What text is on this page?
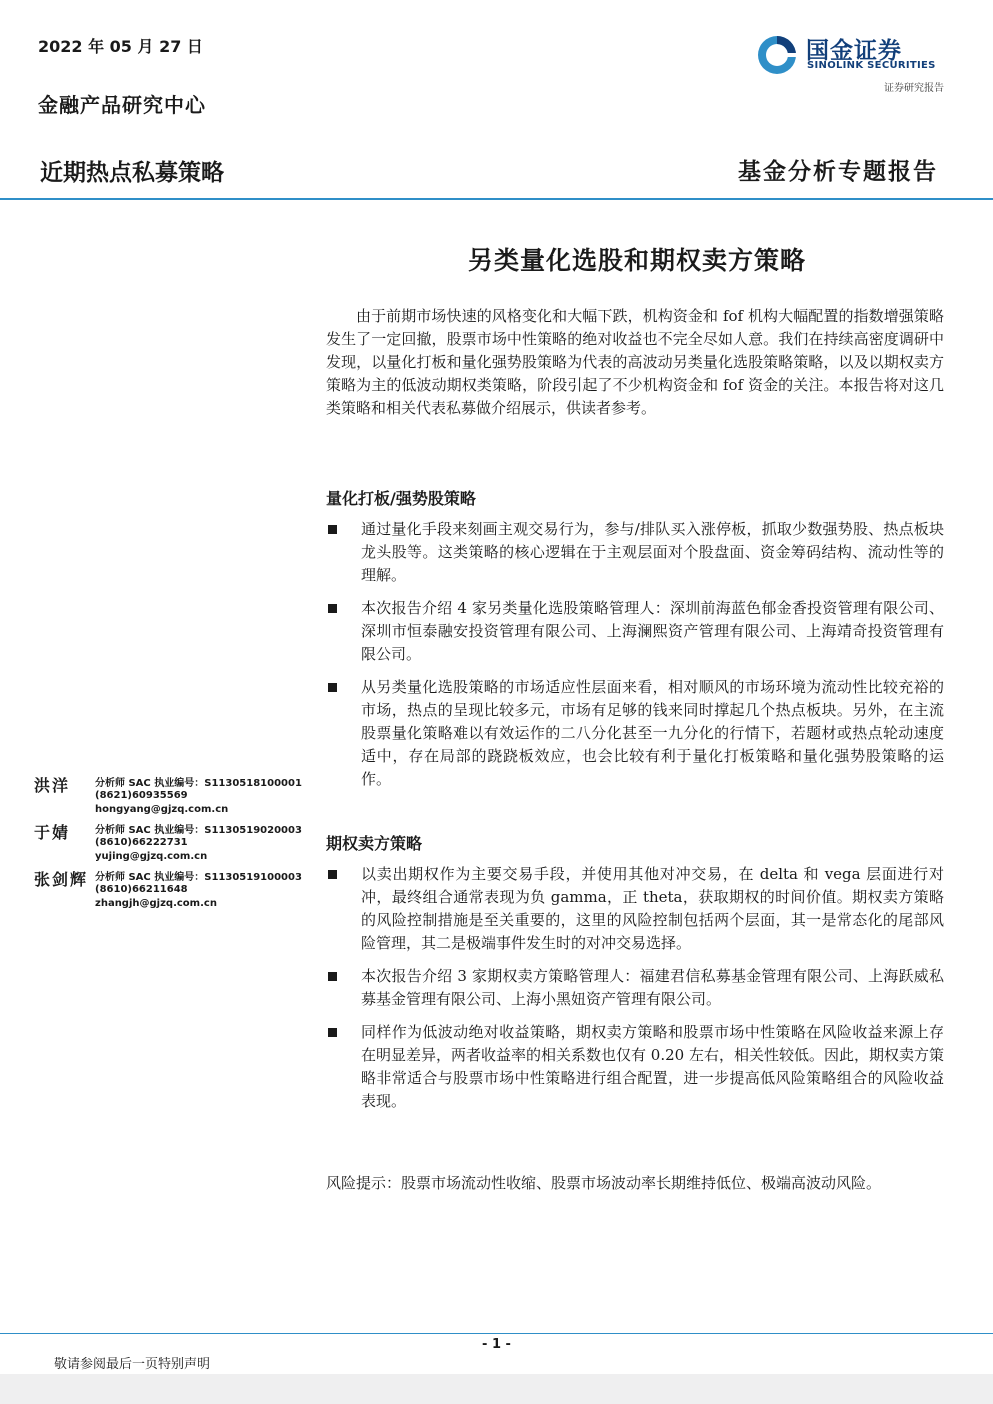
2022 年 05 月 27 日
金融产品研究中心
近期热点私募策略	基金分析专题报告
国金证券
SINOLINK SECURITIES
证券研究报告
另类量化选股和期权卖方策略

由于前期市场快速的风格变化和大幅下跌，机构资金和 fof 机构大幅配置的指数增强策略发生了一定回撤，股票市场中性策略的绝对收益也不完全尽如人意。我们在持续高密度调研中发现，以量化打板和量化强势股策略为代表的高波动另类量化选股策略策略，以及以期权卖方策略为主的低波动期权类策略，阶段引起了不少机构资金和 fof 资金的关注。本报告将对这几类策略和相关代表私募做介绍展示，供读者参考。

量化打板/强势股策略
通过量化手段来刻画主观交易行为，参与/排队买入涨停板，抓取少数强势股、热点板块龙头股等。这类策略的核心逻辑在于主观层面对个股盘面、资金筹码结构、流动性等的理解。
本次报告介绍 4 家另类量化选股策略管理人：深圳前海蓝色郁金香投资管理有限公司、深圳市恒泰融安投资管理有限公司、上海澜熙资产管理有限公司、上海靖奇投资管理有限公司。
从另类量化选股策略的市场适应性层面来看，相对顺风的市场环境为流动性比较充裕的市场，热点的呈现比较多元，市场有足够的钱来同时撑起几个热点板块。另外，在主流股票量化策略难以有效运作的二八分化甚至一九分化的行情下，若题材或热点轮动速度适中，存在局部的跷跷板效应，也会比较有利于量化打板策略和量化强势股策略的运作。
期权卖方策略
以卖出期权作为主要交易手段，并使用其他对冲交易，在 delta 和 vega 层面进行对冲，最终组合通常表现为负 gamma，正 theta，获取期权的时间价值。期权卖方策略的风险控制措施是至关重要的，这里的风险控制包括两个层面，其一是常态化的尾部风险管理，其二是极端事件发生时的对冲交易选择。
本次报告介绍 3 家期权卖方策略管理人：福建君信私募基金管理有限公司、上海跃威私募基金管理有限公司、上海小黑妞资产管理有限公司。
同样作为低波动绝对收益策略，期权卖方策略和股票市场中性策略在风险收益来源上存在明显差异，两者收益率的相关系数也仅有 0.20 左右，相关性较低。因此，期权卖方策略非常适合与股票市场中性策略进行组合配置，进一步提高低风险策略组合的风险收益表现。

风险提示：股票市场流动性收缩、股票市场波动率长期维持低位、极端高波动风险。

洪洋 分析师 SAC 执业编号：S1130518100001
(8621)60935569
hongyang@gjzq.com.cn
于婧 分析师 SAC 执业编号：S1130519020003
(8610)66222731
yujing@gjzq.com.cn
张剑辉 分析师 SAC 执业编号：S1130519100003
(8610)66211648
zhangjh@gjzq.com.cn
- 1 -
敬请参阅最后一页特别声明
